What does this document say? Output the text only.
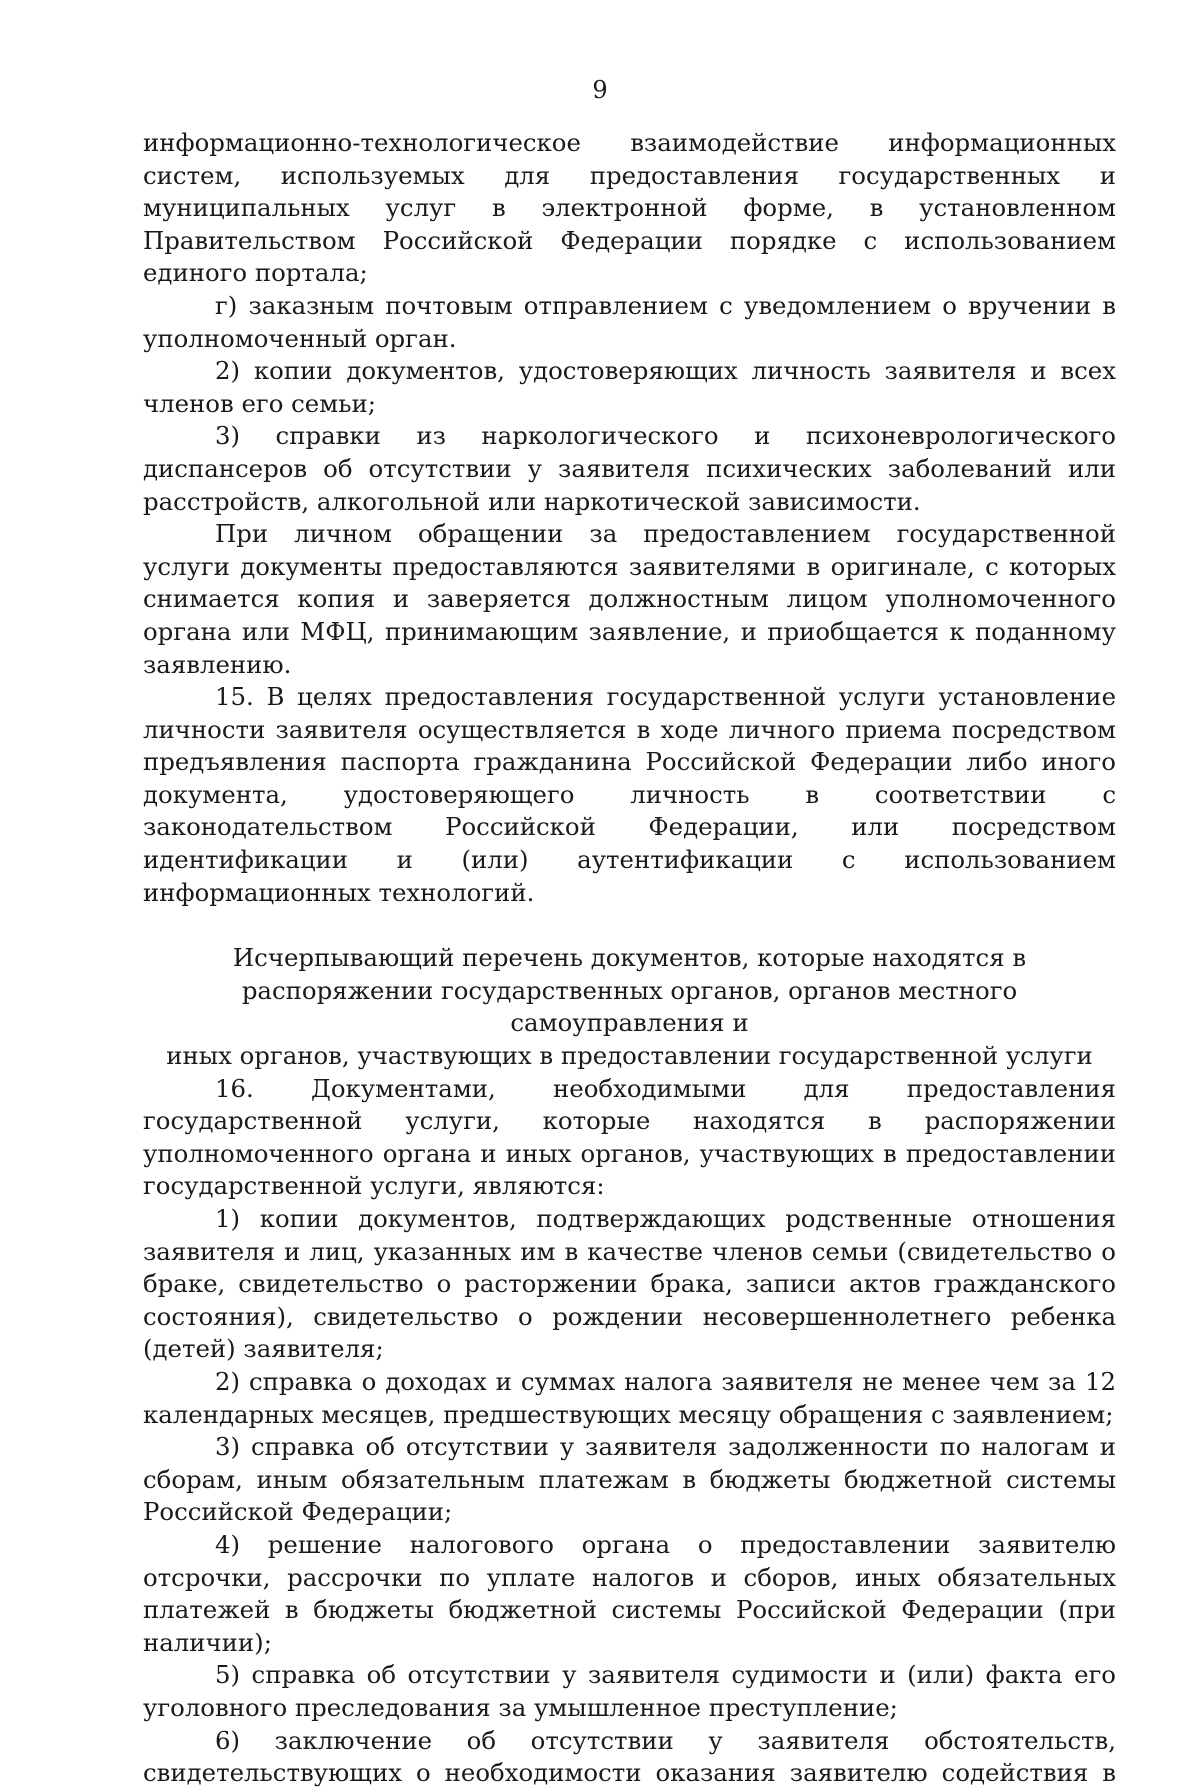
9

информационно-технологическое взаимодействие информационных систем, используемых для предоставления государственных и муниципальных услуг в электронной форме, в установленном Правительством Российской Федерации порядке с использованием единого портала;

г) заказным почтовым отправлением с уведомлением о вручении в уполномоченный орган.

2) копии документов, удостоверяющих личность заявителя и всех членов его семьи;

3) справки из наркологического и психоневрологического диспансеров об отсутствии у заявителя психических заболеваний или расстройств, алкогольной или наркотической зависимости.

При личном обращении за предоставлением государственной услуги документы предоставляются заявителями в оригинале, с которых снимается копия и заверяется должностным лицом уполномоченного органа или МФЦ, принимающим заявление, и приобщается к поданному заявлению.

15. В целях предоставления государственной услуги установление личности заявителя осуществляется в ходе личного приема посредством предъявления паспорта гражданина Российской Федерации либо иного документа, удостоверяющего личность в соответствии с законодательством Российской Федерации, или посредством идентификации и (или) аутентификации с использованием информационных технологий.

Исчерпывающий перечень документов, которые находятся в

распоряжении государственных органов, органов местного самоуправления и

иных органов, участвующих в предоставлении государственной услуги

16. Документами, необходимыми для предоставления государственной услуги, которые находятся в распоряжении уполномоченного органа и иных органов, участвующих в предоставлении государственной услуги, являются:

1) копии документов, подтверждающих родственные отношения заявителя и лиц, указанных им в качестве членов семьи (свидетельство о браке, свидетельство о расторжении брака, записи актов гражданского состояния), свидетельство о рождении несовершеннолетнего ребенка (детей) заявителя;

2) справка о доходах и суммах налога заявителя не менее чем за 12 календарных месяцев, предшествующих месяцу обращения с заявлением;

3) справка об отсутствии у заявителя задолженности по налогам и сборам, иным обязательным платежам в бюджеты бюджетной системы Российской Федерации;

4) решение налогового органа о предоставлении заявителю отсрочки, рассрочки по уплате налогов и сборов, иных обязательных платежей в бюджеты бюджетной системы Российской Федерации (при наличии);

5) справка об отсутствии у заявителя судимости и (или) факта его уголовного преследования за умышленное преступление;

6) заключение об отсутствии у заявителя обстоятельств, свидетельствующих о необходимости оказания заявителю содействия в
